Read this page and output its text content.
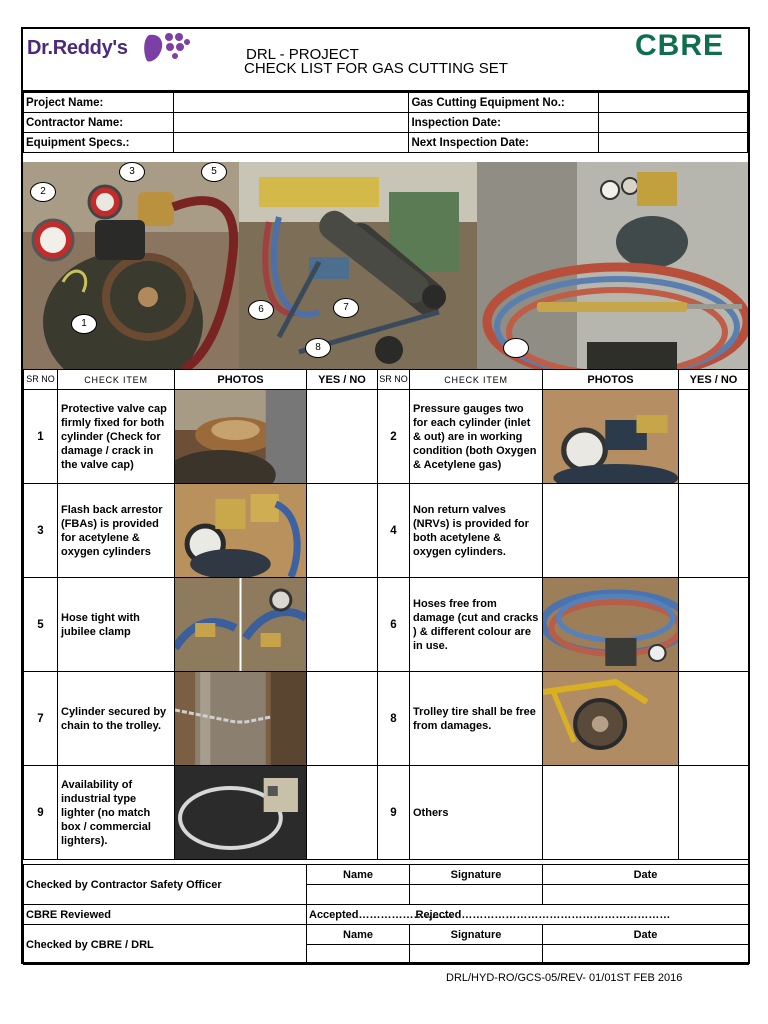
Dr.Reddy's	DRL - PROJECT
CHECK LIST FOR GAS CUTTING SET
CBRE
Project Name:		Gas Cutting Equipment No.:	
Contractor Name:		Inspection Date:	
Equipment Specs.:		Next Inspection Date:	
1
2
3	5
6	7
8
SR NO	CHECK ITEM	PHOTOS	YES / NO	SR NO	CHECK ITEM	PHOTOS	YES / NO
1	Protective valve cap firmly fixed for both cylinder (Check for damage / crack in the valve cap)			2	Pressure gauges two for each cylinder (inlet & out) are in working condition (both Oxygen & Acetylene gas)	

3	Flash back arrestor (FBAs) is provided for acetylene & oxygen cylinders			4	Non return valves (NRVs) is provided for both acetylene & oxygen cylinders.		
5	Hose tight with jubilee clamp			6	Hoses free from damage (cut and cracks ) & different colour are in use.	

7	Cylinder secured by chain to the trolley.			8	Trolley tire shall be free from damages.	

9	Availability of industrial type lighter (no match box / commercial lighters).			9	Others		
Checked by Contractor Safety Officer	Name	Signature	Date

CBRE Reviewed	Accepted……………………..	Rejected…………………………………………………	
Checked by CBRE / DRL	Name	Signature	Date

DRL/HYD-RO/GCS-05/REV- 01/01ST FEB 2016
